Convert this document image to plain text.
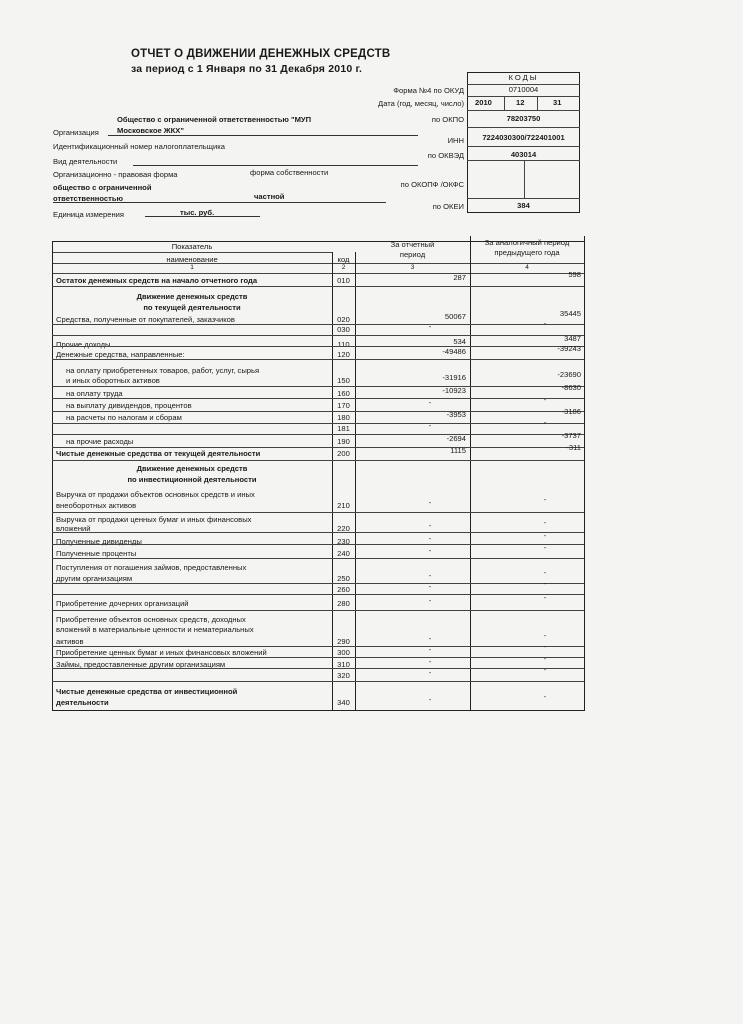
ОТЧЕТ О ДВИЖЕНИИ ДЕНЕЖНЫХ СРЕДСТВ
за период с 1 Января по 31 Декабря 2010 г.
КОДЫ
0710004
2010	12	31
78203750
7224030300/722401001
403014
384
Форма №4 по ОКУД
Дата (год, месяц, число)
по ОКПО
ИНН
по ОКВЭД
по ОКОПФ /ОКФС
по ОКЕИ
Общество с ограниченной ответственностью "МУП
Организация Московское ЖКХ"
Идентификационный номер налогоплательщика
Вид деятельности
Организационно - правовая форма	форма собственности
общество с ограниченной
ответственностью	частной
Единица измерения	тыс. руб.
Показатель
наименование	код
За отчетный
период
За аналогичный период
предыдущего года
1	2	3	4
Остаток денежных средств на начало отчетного года	010	287	598
Движение денежных средств
по текущей деятельности
Средства, полученные от покупателей, заказчиков	020	50067	35445
030	-	-
Прочие доходы	110	534	3487
Денежные средства, направленные:	120	-49486	-39243
на оплату приобретенных товаров, работ, услуг, сырья
и иных оборотных активов	150	-31916	-23690
на оплату труда	160	-10923	-8630
на выплату дивидендов, процентов	170	-	-
на расчеты по налогам и сборам	180	-3953	-3186
181	-	-
на прочие расходы	190	-2694	-3737
Чистые денежные средства от текущей деятельности	200	1115	-311
Движение денежных средств
по инвестиционной деятельности
Выручка от продажи объектов основных средств и иных
внеоборотных активов	210	-	-
Выручка от продажи ценных бумаг и иных финансовых
вложений	220	-	-
Полученные дивиденды	230	-	-
Полученные проценты	240	-	-
Поступления от погашения займов, предоставленных
другим организациям	250	-	-
260	-	-
Приобретение дочерних организаций	280	-	-
Приобретение объектов основных средств, доходных
вложений в материальные ценности и нематериальных
активов	290	-	-
Приобретение ценных бумаг и иных финансовых вложений	300	-	-
Займы, предоставленные другим организациям	310	-	-
320	-	-
Чистые денежные средства от инвестиционной
деятельности	340	-	-
